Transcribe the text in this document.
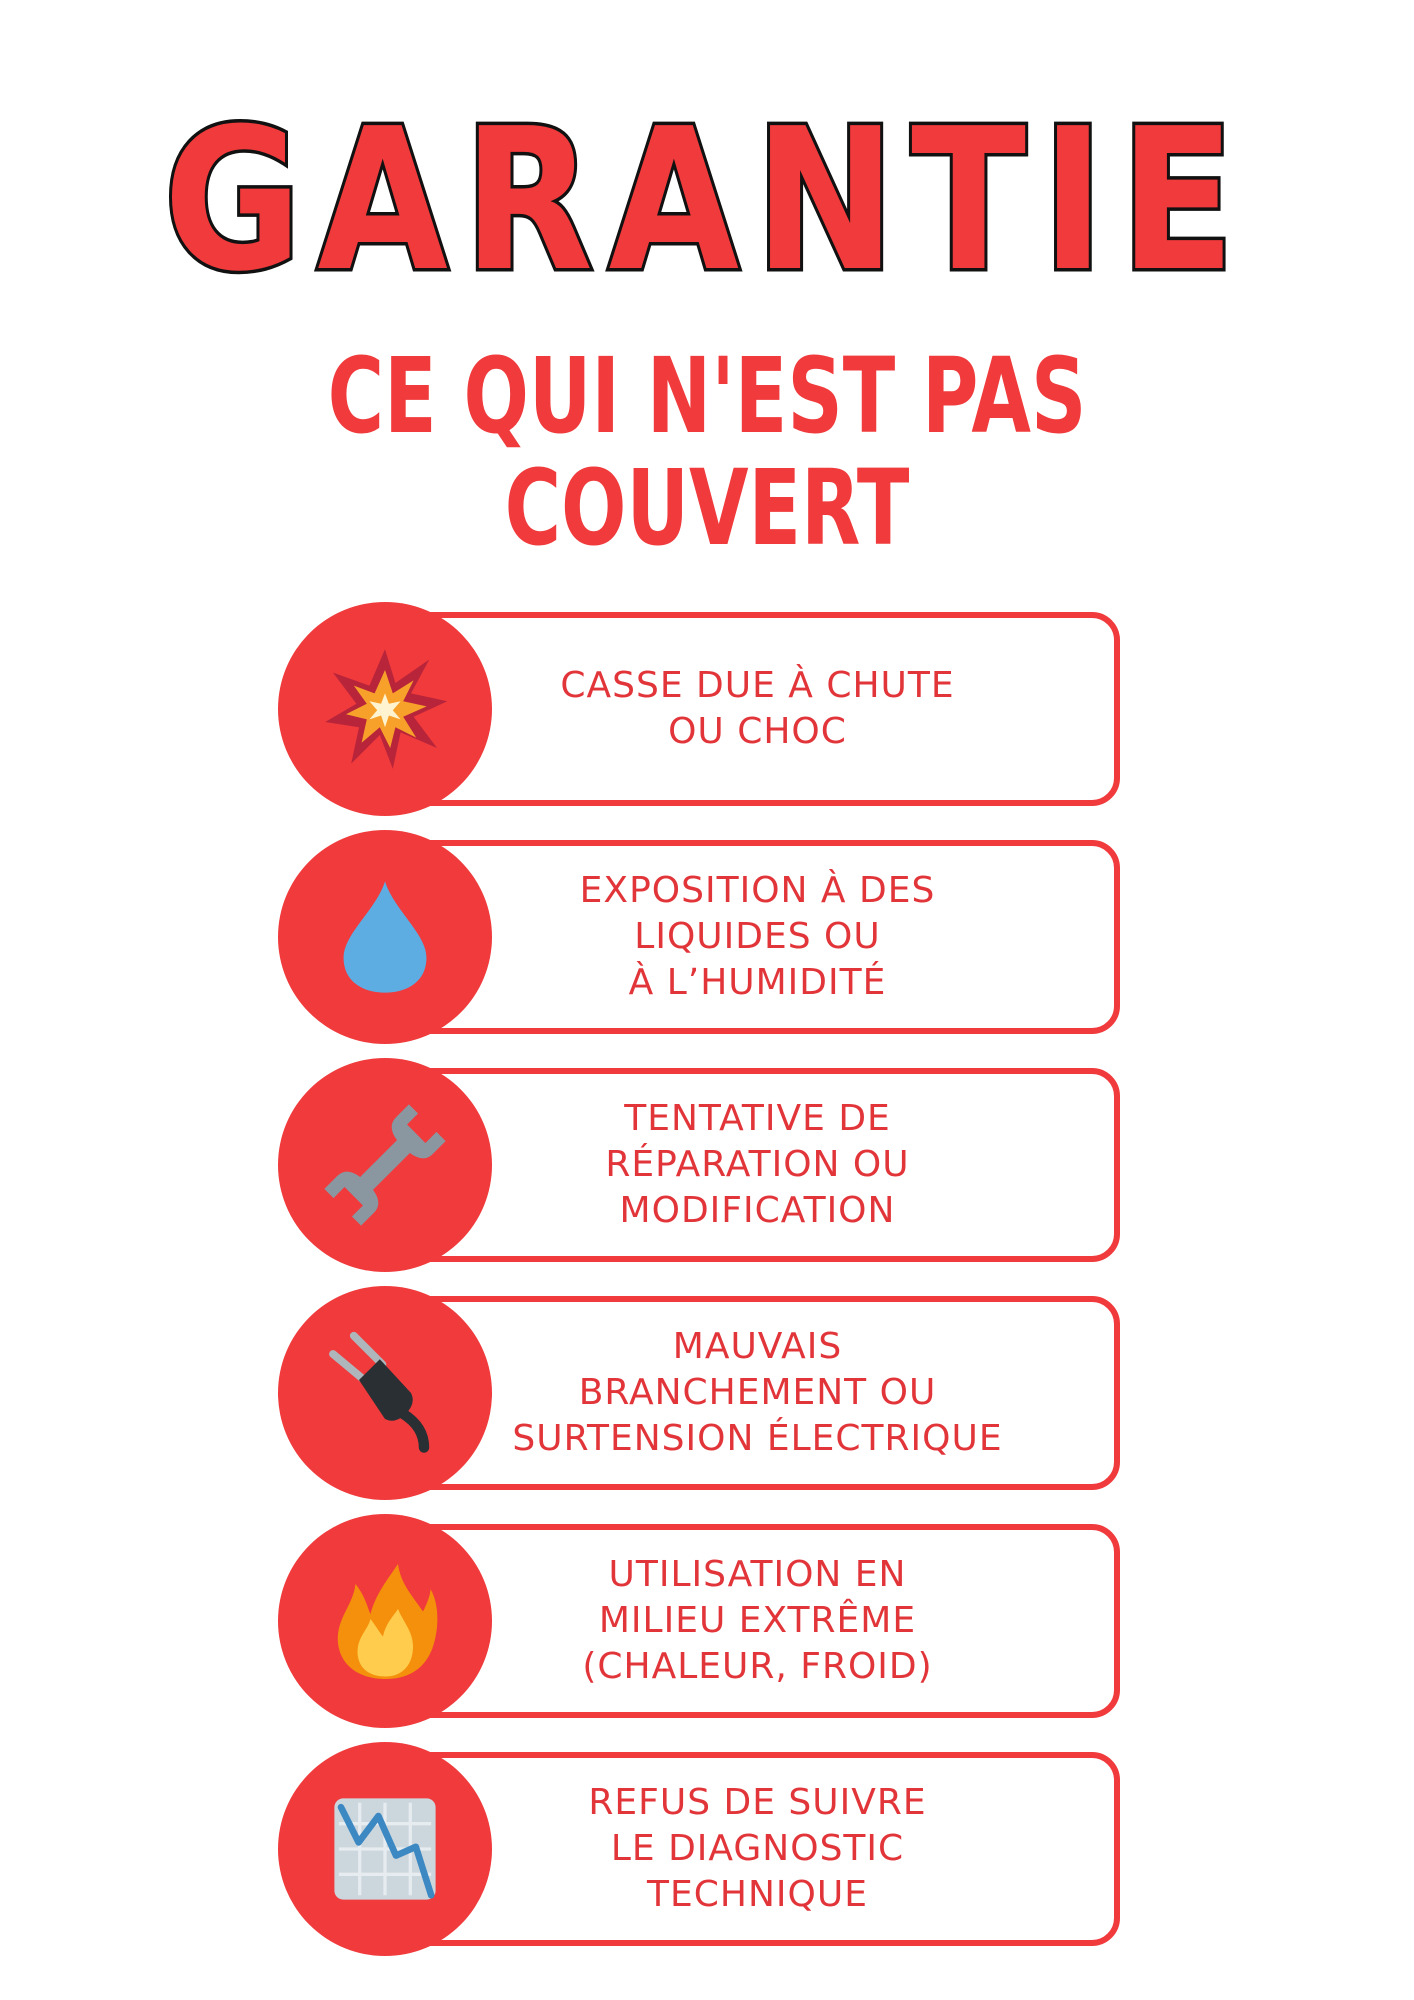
GARANTIE
CE QUI N'EST PAS
COUVERT
CASSE DUE À CHUTE
OU CHOC
EXPOSITION À DES
LIQUIDES OU
À L’HUMIDITÉ
TENTATIVE DE
RÉPARATION OU
MODIFICATION
MAUVAIS
BRANCHEMENT OU
SURTENSION ÉLECTRIQUE
UTILISATION EN
MILIEU EXTRÊME
(CHALEUR, FROID)
REFUS DE SUIVRE
LE DIAGNOSTIC
TECHNIQUE
